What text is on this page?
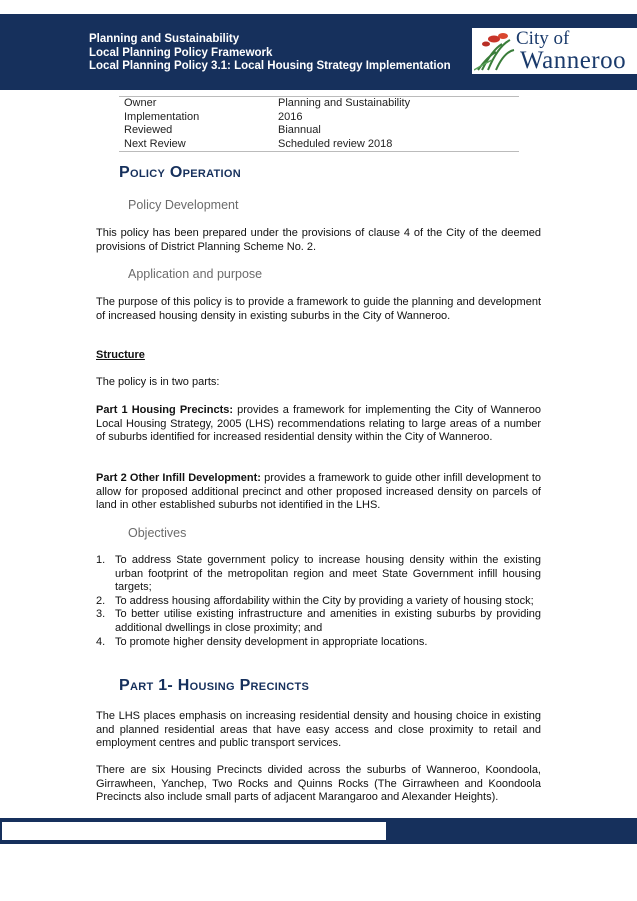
Planning and Sustainability
Local Planning Policy Framework
Local Planning Policy 3.1: Local Housing Strategy Implementation
City of
Wanneroo
Owner	Planning and Sustainability
Implementation	2016
Reviewed	Biannual
Next Review	Scheduled review 2018
Policy Operation
Policy Development
This policy has been prepared under the provisions of clause 4 of the City of the deemed provisions of District Planning Scheme No. 2.
Application and purpose
The purpose of this policy is to provide a framework to guide the planning and development of increased housing density in existing suburbs in the City of Wanneroo.
Structure
The policy is in two parts:
Part 1 Housing Precincts: provides a framework for implementing the City of Wanneroo Local Housing Strategy, 2005 (LHS) recommendations relating to large areas of a number of suburbs identified for increased residential density within the City of Wanneroo.
Part 2 Other Infill Development: provides a framework to guide other infill development to allow for proposed additional precinct and other proposed increased density on parcels of land in other established suburbs not identified in the LHS.
Objectives
1. To address State government policy to increase housing density within the existing urban footprint of the metropolitan region and meet State Government infill housing targets;
2. To address housing affordability within the City by providing a variety of housing stock;
3. To better utilise existing infrastructure and amenities in existing suburbs by providing additional dwellings in close proximity; and
4. To promote higher density development in appropriate locations.
Part 1- Housing Precincts
The LHS places emphasis on increasing residential density and housing choice in existing and planned residential areas that have easy access and close proximity to retail and employment centres and public transport services.
There are six Housing Precincts divided across the suburbs of Wanneroo, Koondoola, Girrawheen, Yanchep, Two Rocks and Quinns Rocks (The Girrawheen and Koondoola Precincts also include small parts of adjacent Marangaroo and Alexander Heights).
